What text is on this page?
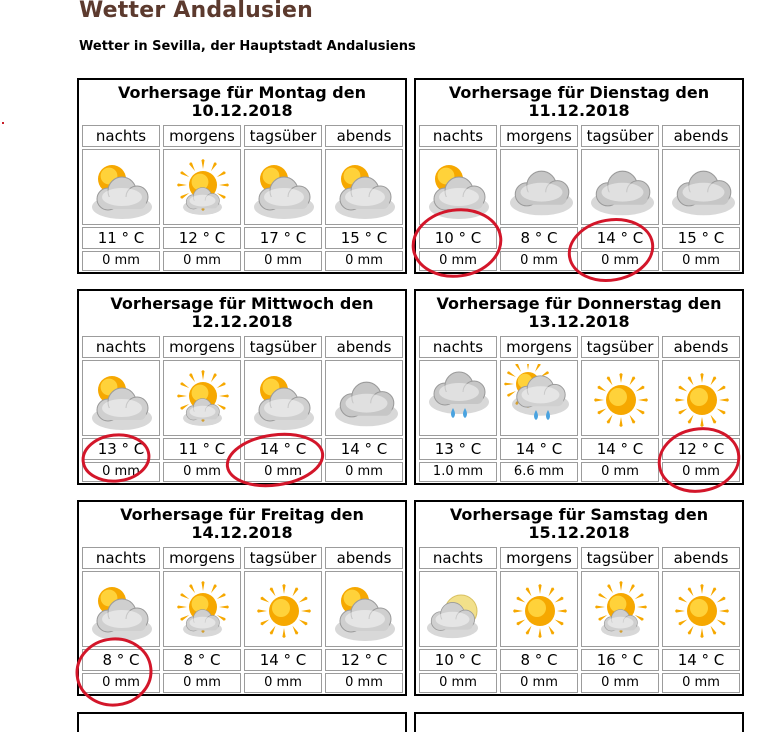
Wetter Andalusien
Wetter in Sevilla, der Hauptstadt Andalusiens
Vorhersage für Montag den
10.12.2018
nachts
11 ° C
0 mm
morgens
12 ° C
0 mm
tagsüber
17 ° C
0 mm
abends
15 ° C
0 mm
Vorhersage für Dienstag den
11.12.2018
nachts
10 ° C
0 mm
morgens
8 ° C
0 mm
tagsüber
14 ° C
0 mm
abends
15 ° C
0 mm
Vorhersage für Mittwoch den
12.12.2018
nachts
13 ° C
0 mm
morgens
11 ° C
0 mm
tagsüber
14 ° C
0 mm
abends
14 ° C
0 mm
Vorhersage für Donnerstag den
13.12.2018
nachts
13 ° C
1.0 mm
morgens
14 ° C
6.6 mm
tagsüber
14 ° C
0 mm
abends
12 ° C
0 mm
Vorhersage für Freitag den
14.12.2018
nachts
8 ° C
0 mm
morgens
8 ° C
0 mm
tagsüber
14 ° C
0 mm
abends
12 ° C
0 mm
Vorhersage für Samstag den
15.12.2018
nachts
10 ° C
0 mm
morgens
8 ° C
0 mm
tagsüber
16 ° C
0 mm
abends
14 ° C
0 mm
